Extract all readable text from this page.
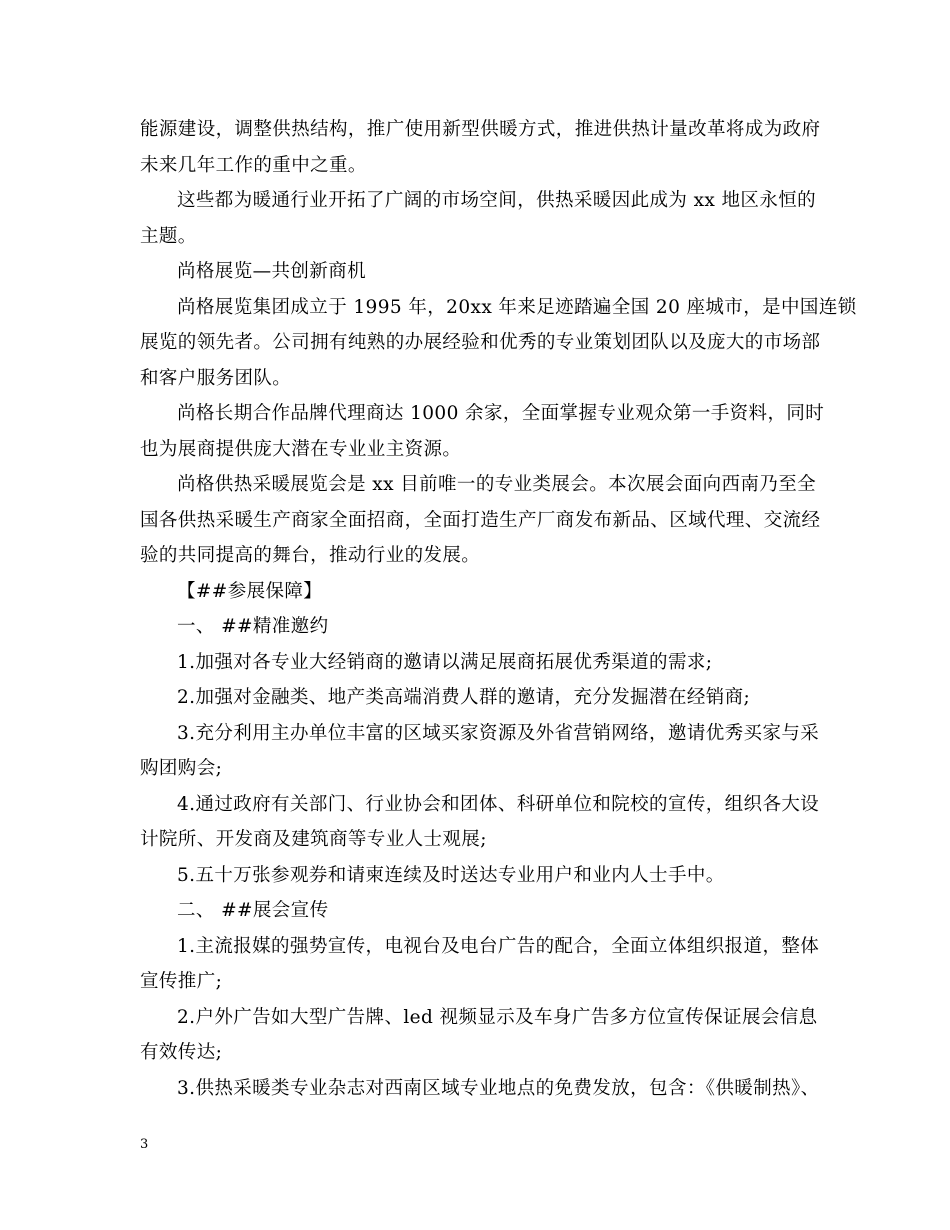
能源建设，调整供热结构，推广使用新型供暖方式，推进供热计量改革将成为政府
未来几年工作的重中之重。
这些都为暖通行业开拓了广阔的市场空间，供热采暖因此成为 xx 地区永恒的
主题。
尚格展览—共创新商机
尚格展览集团成立于 1995 年，20xx 年来足迹踏遍全国 20 座城市，是中国连锁
展览的领先者。公司拥有纯熟的办展经验和优秀的专业策划团队以及庞大的市场部
和客户服务团队。
尚格长期合作品牌代理商达 1000 余家，全面掌握专业观众第一手资料，同时
也为展商提供庞大潜在专业业主资源。
尚格供热采暖展览会是 xx 目前唯一的专业类展会。本次展会面向西南乃至全
国各供热采暖生产商家全面招商，全面打造生产厂商发布新品、区域代理、交流经
验的共同提高的舞台，推动行业的发展。
【##参展保障】
一、 ##精准邀约
1.加强对各专业大经销商的邀请以满足展商拓展优秀渠道的需求;
2.加强对金融类、地产类高端消费人群的邀请，充分发掘潜在经销商;
3.充分利用主办单位丰富的区域买家资源及外省营销网络，邀请优秀买家与采
购团购会;
4.通过政府有关部门、行业协会和团体、科研单位和院校的宣传，组织各大设
计院所、开发商及建筑商等专业人士观展;
5.五十万张参观券和请柬连续及时送达专业用户和业内人士手中。
二、 ##展会宣传
1.主流报媒的强势宣传，电视台及电台广告的配合，全面立体组织报道，整体
宣传推广;
2.户外广告如大型广告牌、led 视频显示及车身广告多方位宣传保证展会信息
有效传达;
3.供热采暖类专业杂志对西南区域专业地点的免费发放，包含：《供暖制热》、
3
